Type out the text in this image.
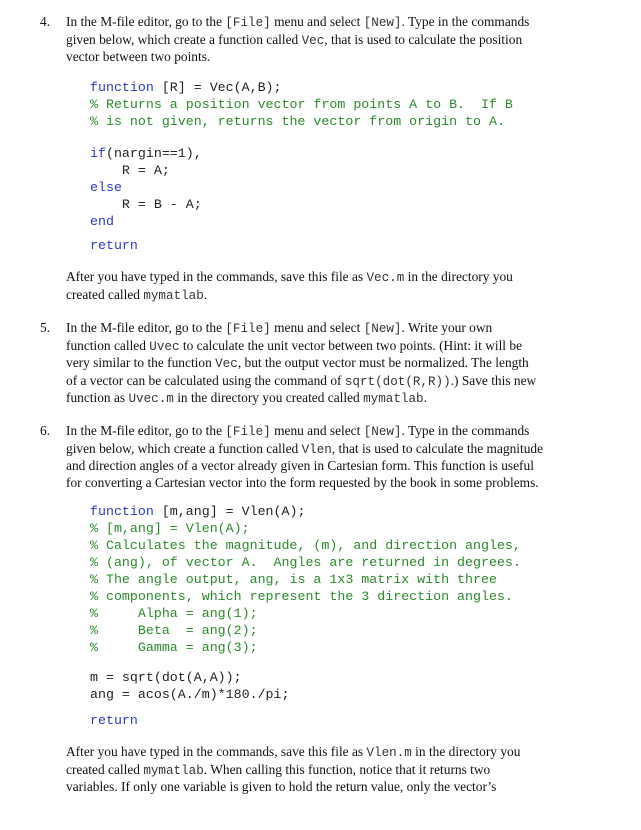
4. In the M-file editor, go to the [File] menu and select [New]. Type in the commands
given below, which create a function called Vec, that is used to calculate the position
vector between two points.
function [R] = Vec(A,B);
% Returns a position vector from points A to B.  If B
% is not given, returns the vector from origin to A.
if(nargin==1),
R = A;
else
R = B - A;
end
return
After you have typed in the commands, save this file as Vec.m in the directory you
created called mymatlab.
5. In the M-file editor, go to the [File] menu and select [New]. Write your own
function called Uvec to calculate the unit vector between two points. (Hint: it will be
very similar to the function Vec, but the output vector must be normalized. The length
of a vector can be calculated using the command of sqrt(dot(R,R)).) Save this new
function as Uvec.m in the directory you created called mymatlab.
6. In the M-file editor, go to the [File] menu and select [New]. Type in the commands
given below, which create a function called Vlen, that is used to calculate the magnitude
and direction angles of a vector already given in Cartesian form. This function is useful
for converting a Cartesian vector into the form requested by the book in some problems.
function [m,ang] = Vlen(A);
% [m,ang] = Vlen(A);
% Calculates the magnitude, (m), and direction angles,
% (ang), of vector A.  Angles are returned in degrees.
% The angle output, ang, is a 1x3 matrix with three
% components, which represent the 3 direction angles.
%     Alpha = ang(1);
%     Beta  = ang(2);
%     Gamma = ang(3);
m = sqrt(dot(A,A));
ang = acos(A./m)*180./pi;
return
After you have typed in the commands, save this file as Vlen.m in the directory you
created called mymatlab. When calling this function, notice that it returns two
variables. If only one variable is given to hold the return value, only the vector’s
